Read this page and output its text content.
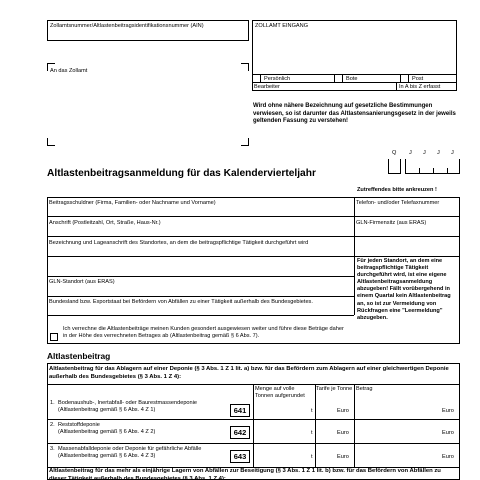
Zollamtsnummer/Altlastenbeitragsidentifikationsnummer (AIN)
An das Zollamt
ZOLLAMT EINGANG
Persönlich	Bote	Post
Bearbeiter	In A bis Z erfasst
Wird ohne nähere Bezeichnung auf gesetzliche Bestimmungen verwiesen, so ist darunter das Altlastensanierungsgesetz in der jeweils geltenden Fassung zu verstehen!
Altlastenbeitragsanmeldung für das Kalendervierteljahr
Q J J J J
Zutreffendes bitte ankreuzen !
Beitragsschuldner (Firma, Familien- oder Nachname und Vorname)	Telefon- und/oder Telefaxnummer
Anschrift (Postleitzahl, Ort, Straße, Haus-Nr.)	GLN-Firmensitz (aus ERAS)
Bezeichnung und Lageanschrift des Standortes, an dem die beitragspflichtige Tätigkeit durchgeführt wird
GLN-Standort (aus ERAS)
Bundesland bzw. Exportstaat bei Befördern von Abfällen zu einer Tätigkeit außerhalb des Bundesgebietes.
Für jeden Standort, an dem eine beitragspflichtige Tätigkeit durchgeführt wird, ist eine eigene Altlastenbeitragsanmeldung abzugeben! Fällt vorübergehend in einem Quartal kein Altlastenbeitrag an, so ist zur Vermeidung von Rückfragen eine "Leermeldung" abzugeben.
Ich verrechne die Altlastenbeiträge meinen Kunden gesondert ausgewiesen weiter und führe diese Beträge daher in der Höhe des verrechneten Betrages ab (Altlastenbeitrag gemäß § 6 Abs. 7).
Altlastenbeitrag
Altlastenbeitrag für das Ablagern auf einer Deponie (§ 3 Abs. 1 Z 1 lit. a) bzw. für das Befördern zum Ablagern auf einer gleichwertigen Deponie außerhalb des Bundesgebietes (§ 3 Abs. 1 Z 4):
Menge auf volle Tonnen aufgerundet
Tarife je Tonne Betrag
1. Bodenaushub-, Inertabfall- oder Baurestmassendeponie
(Altlastenbeitrag gemäß § 6 Abs. 4 Z 1)	641	t	Euro	Euro
2. Reststoffdeponie
(Altlastenbeitrag gemäß § 6 Abs. 4 Z 2)	642	t	Euro	Euro
3. Massenabfalldeponie oder Deponie für gefährliche Abfälle
(Altlastenbeitrag gemäß § 6 Abs. 4 Z 3)	643	t	Euro	Euro
Altlastenbeitrag für das mehr als einjährige Lagern von Abfällen zur Beseitigung (§ 3 Abs. 1 Z 1 lit. b) bzw. für das Befördern von Abfällen zu dieser Tätigkeit außerhalb des Bundesgebietes (§ 3 Abs. 1 Z 4):
